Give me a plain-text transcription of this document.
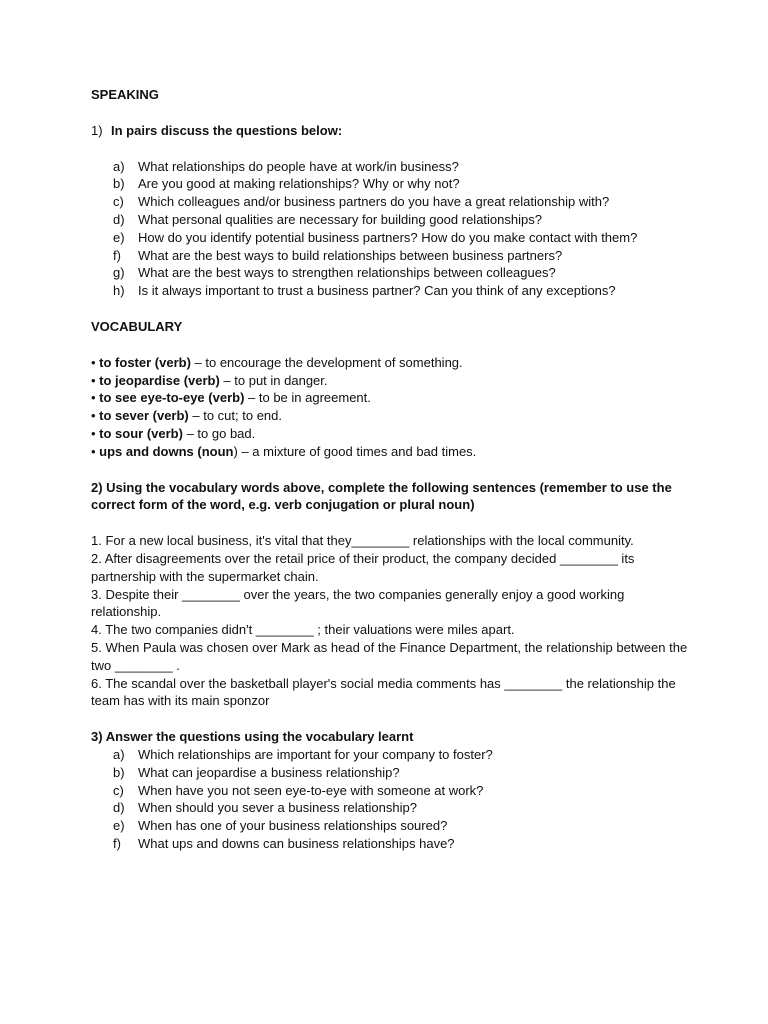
SPEAKING

1) In pairs discuss the questions below:

a) What relationships do people have at work/in business?
b) Are you good at making relationships? Why or why not?
c) Which colleagues and/or business partners do you have a great relationship with?
d) What personal qualities are necessary for building good relationships?
e) How do you identify potential business partners? How do you make contact with them?
f) What are the best ways to build relationships between business partners?
g) What are the best ways to strengthen relationships between colleagues?
h) Is it always important to trust a business partner? Can you think of any exceptions?

VOCABULARY

• to foster (verb) – to encourage the development of something.
• to jeopardise (verb) – to put in danger.
• to see eye-to-eye (verb) – to be in agreement.
• to sever (verb) – to cut; to end.
• to sour (verb) – to go bad.
• ups and downs (noun) – a mixture of good times and bad times.

2) Using the vocabulary words above, complete the following sentences (remember to use the correct form of the word, e.g. verb conjugation or plural noun)

1. For a new local business, it's vital that they________ relationships with the local community.

2. After disagreements over the retail price of their product, the company decided ________ its partnership with the supermarket chain.

3. Despite their ________ over the years, the two companies generally enjoy a good working relationship.

4. The two companies didn't ________ ; their valuations were miles apart.

5. When Paula was chosen over Mark as head of the Finance Department, the relationship between the two ________ .

6. The scandal over the basketball player's social media comments has ________ the relationship the team has with its main sponzor

3) Answer the questions using the vocabulary learnt

a) Which relationships are important for your company to foster?
b) What can jeopardise a business relationship?
c) When have you not seen eye-to-eye with someone at work?
d) When should you sever a business relationship?
e) When has one of your business relationships soured?
f) What ups and downs can business relationships have?
